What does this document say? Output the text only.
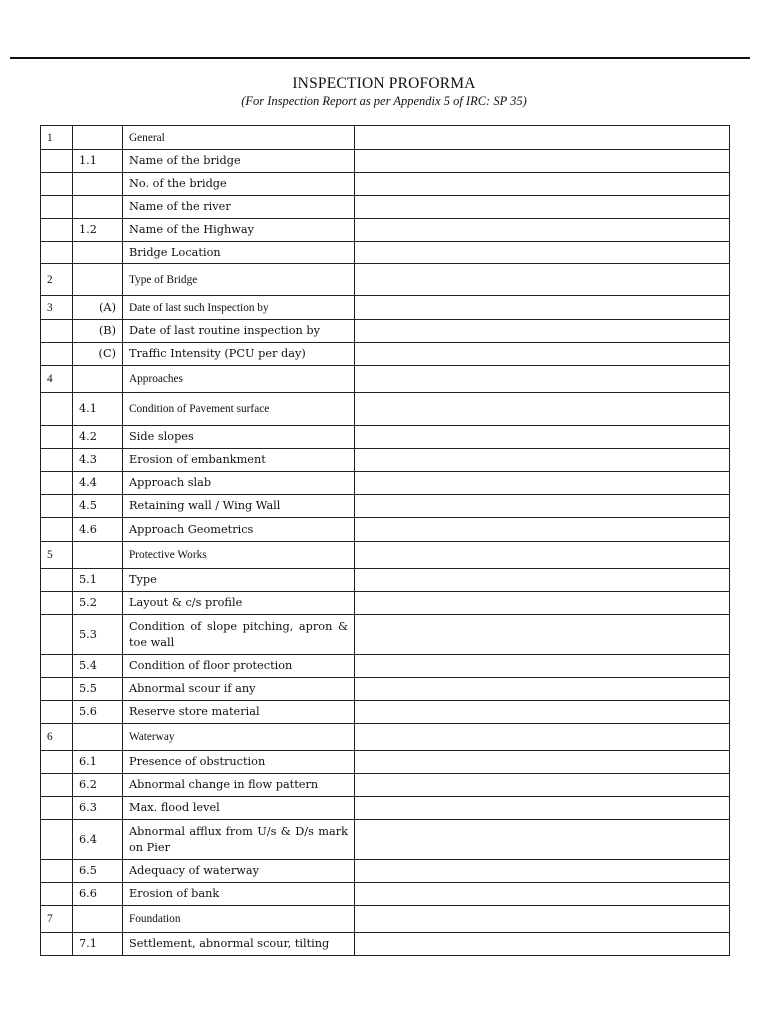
INSPECTION PROFORMA
(For Inspection Report as per Appendix 5 of IRC: SP 35)
1		General	
	1.1	Name of the bridge	
		No. of the bridge	
		Name of the river	
	1.2	Name of the Highway	
		Bridge Location	
2		Type of Bridge	
3	(A)	Date of last such Inspection by	
	(B)	Date of last routine inspection by	
	(C)	Traffic Intensity (PCU per day)	
4		Approaches	
	4.1	Condition of Pavement surface	
	4.2	Side slopes	
	4.3	Erosion of embankment	
	4.4	Approach slab	
	4.5	Retaining wall / Wing Wall	
	4.6	Approach Geometrics	
5		Protective Works	
	5.1	Type	
	5.2	Layout & c/s profile	
	5.3	Condition of slope pitching, apron & toe wall	
	5.4	Condition of floor protection	
	5.5	Abnormal scour if any	
	5.6	Reserve store material	
6		Waterway	
	6.1	Presence of obstruction	
	6.2	Abnormal change in flow pattern	
	6.3	Max. flood level	
	6.4	Abnormal afflux from U/s & D/s mark on Pier	
	6.5	Adequacy of waterway	
	6.6	Erosion of bank	
7		Foundation	
	7.1	Settlement, abnormal scour, tilting	
